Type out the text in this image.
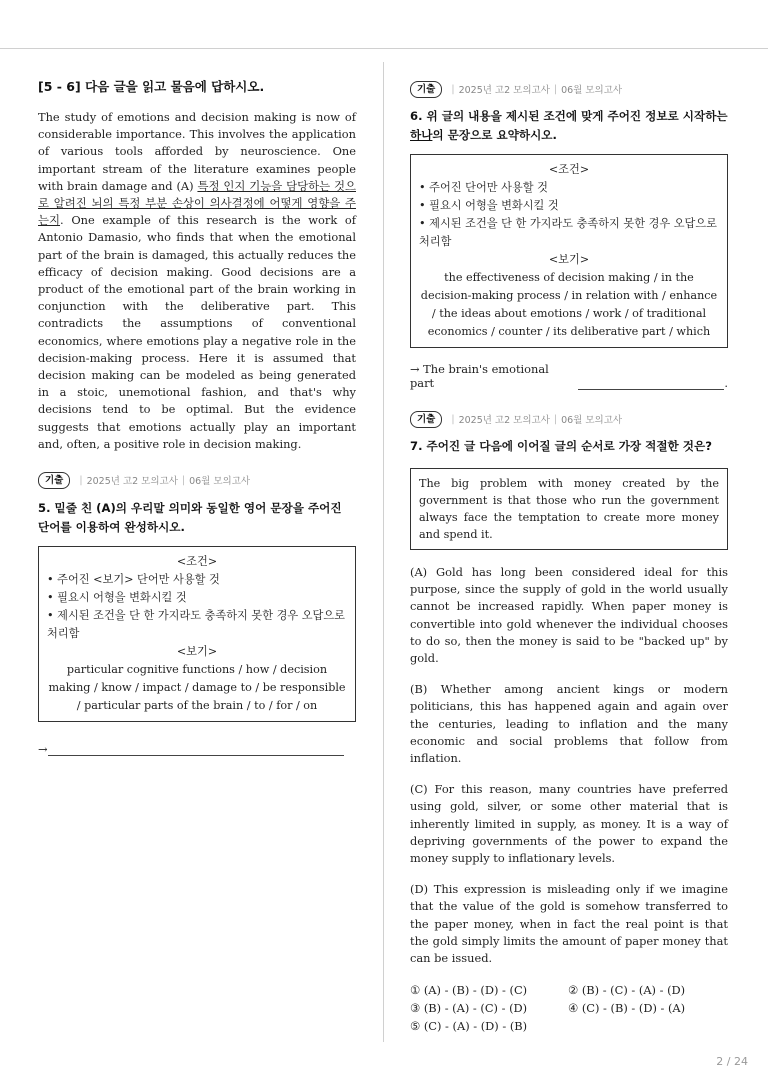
[5 - 6] 다음 글을 읽고 물음에 답하시오.

The study of emotions and decision making is now of considerable importance. This involves the application of various tools afforded by neuroscience. One important stream of the literature examines people with brain damage and (A) 특정 인지 기능을 담당하는 것으로 알려진 뇌의 특정 부분 손상이 의사결정에 어떻게 영향을 주는지. One example of this research is the work of Antonio Damasio, who finds that when the emotional part of the brain is damaged, this actually reduces the efficacy of decision making. Good decisions are a product of the emotional part of the brain working in conjunction with the deliberative part. This contradicts the assumptions of conventional economics, where emotions play a negative role in the decision-making process. Here it is assumed that decision making can be modeled as being generated in a stoic, unemotional fashion, and that's why decisions tend to be optimal. But the evidence suggests that emotions actually play an important and, often, a positive role in decision making.
기출	| 2025년 고2 모의고사 | 06월 모의고사

5. 밑줄 친 (A)의 우리말 의미와 동일한 영어 문장을 주어진 단어를 이용하여 완성하시오.

<조건>
• 주어진 <보기> 단어만 사용할 것
• 필요시 어형을 변화시킬 것
• 제시된 조건을 단 한 가지라도 충족하지 못한 경우 오답으로 처리함
<보기>
particular cognitive functions / how / decision making / know / impact / damage to / be responsible / particular parts of the brain / to / for / on
→
기출	| 2025년 고2 모의고사 | 06월 모의고사

6. 위 글의 내용을 제시된 조건에 맞게 주어진 정보로 시작하는 하나의 문장으로 요약하시오.

<조건>
• 주어진 단어만 사용할 것
• 필요시 어형을 변화시킬 것
• 제시된 조건을 단 한 가지라도 충족하지 못한 경우 오답으로 처리함
<보기>
the effectiveness of decision making / in the decision-making process / in relation with / enhance / the ideas about emotions / work / of traditional economics / counter / its deliberative part / which
→ The brain's emotional part	.
기출	| 2025년 고2 모의고사 | 06월 모의고사

7. 주어진 글 다음에 이어질 글의 순서로 가장 적절한 것은?

The big problem with money created by the government is that those who run the government always face the temptation to create more money and spend it.

(A) Gold has long been considered ideal for this purpose, since the supply of gold in the world usually cannot be increased rapidly. When paper money is convertible into gold whenever the individual chooses to do so, then the money is said to be "backed up" by gold.

(B) Whether among ancient kings or modern politicians, this has happened again and again over the centuries, leading to inflation and the many economic and social problems that follow from inflation.

(C) For this reason, many countries have preferred using gold, silver, or some other material that is inherently limited in supply, as money. It is a way of depriving governments of the power to expand the money supply to inflationary levels.

(D) This expression is misleading only if we imagine that the value of the gold is somehow transferred to the paper money, when in fact the real point is that the gold simply limits the amount of paper money that can be issued.

① (A) - (B) - (D) - (C)	② (B) - (C) - (A) - (D)
③ (B) - (A) - (C) - (D)	④ (C) - (B) - (D) - (A)
⑤ (C) - (A) - (D) - (B)
2 / 24
